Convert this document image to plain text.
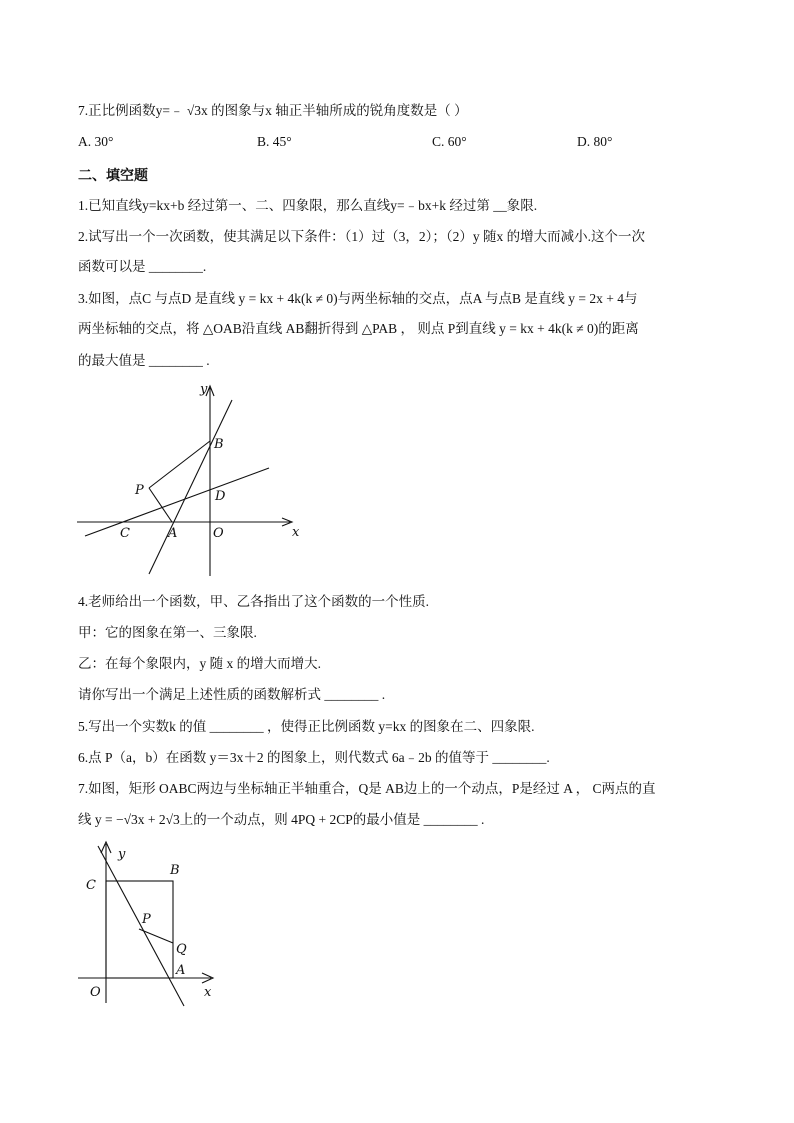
7.正比例函数y=﹣ √3x 的图象与x 轴正半轴所成的锐角度数是（ ）
A. 30°	B. 45°	C. 60°	D. 80°
二、填空题
1.已知直线y=kx+b 经过第一、二、四象限，那么直线y=﹣bx+k 经过第 __象限.
2.试写出一个一次函数，使其满足以下条件：（1）过（3，2）；（2）y 随x 的增大而减小.这个一次
函数可以是 ________.
3.如图，点C 与点D 是直线 y = kx + 4k(k ≠ 0)与两坐标轴的交点，点A 与点B 是直线 y = 2x + 4与
两坐标轴的交点，将 △OAB沿直线 AB翻折得到 △PAB ， 则点 P到直线 y = kx + 4k(k ≠ 0)的距离
的最大值是 ________ .
y
x
B
P	D
C	A	O
4.老师给出一个函数，甲、乙各指出了这个函数的一个性质.
甲：它的图象在第一、三象限.
乙：在每个象限内，y 随 x 的增大而增大.
请你写出一个满足上述性质的函数解析式 ________ .
5.写出一个实数k 的值 ________ ，使得正比例函数 y=kx 的图象在二、四象限.
6.点 P（a，b）在函数 y＝3x＋2 的图象上，则代数式 6a﹣2b 的值等于 ________.
7.如图，矩形 OABC两边与坐标轴正半轴重合，Q是 AB边上的一个动点，P是经过 A ， C两点的直
线 y = −√3x + 2√3上的一个动点，则 4PQ + 2CP的最小值是 ________ .
y
x
B
C
P
Q
A
O
